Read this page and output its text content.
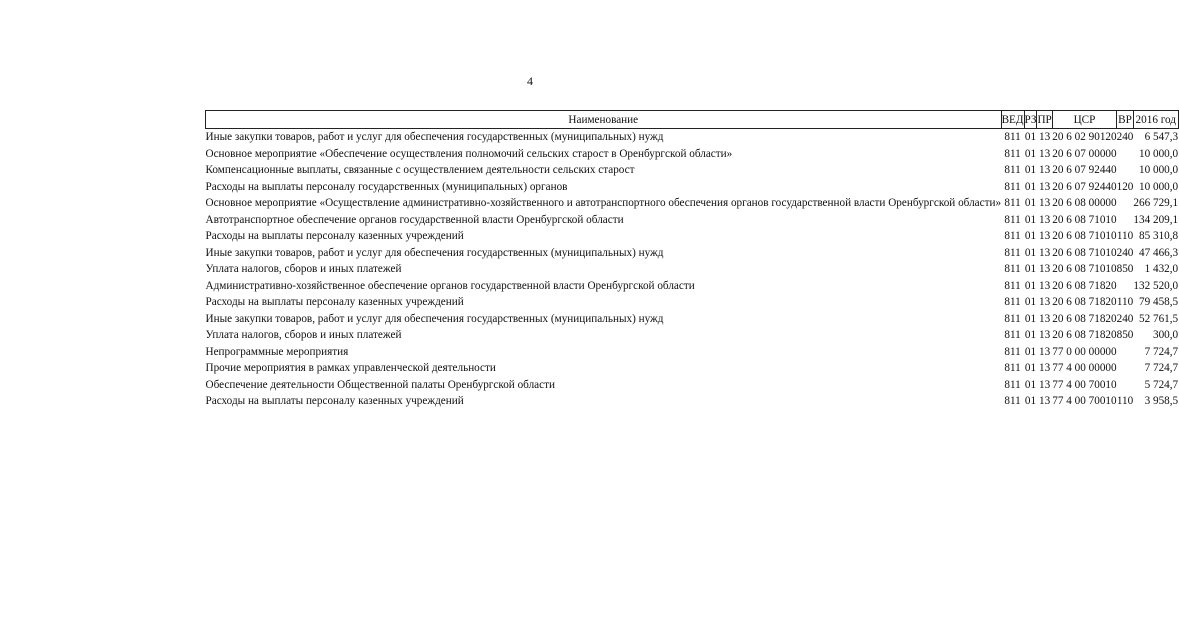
4
Наименование	ВЕД	РЗ	ПР	ЦСР	ВР	2016 год
Иные закупки товаров, работ и услуг для обеспечения государственных (муниципальных) нужд	811	01	13	20 6 02 90120	240	6 547,3
Основное мероприятие «Обеспечение осуществления полномочий сельских старост в Оренбургской области»	811	01	13	20 6 07 00000		10 000,0
Компенсационные выплаты, связанные с осуществлением деятельности сельских старост	811	01	13	20 6 07 92440		10 000,0
Расходы на выплаты персоналу государственных (муниципальных) органов	811	01	13	20 6 07 92440	120	10 000,0
Основное мероприятие «Осуществление административно-хозяйственного и автотранспортного обеспечения органов государственной власти Оренбургской области»	811	01	13	20 6 08 00000		266 729,1
Автотранспортное обеспечение органов государственной власти Оренбургской области	811	01	13	20 6 08 71010		134 209,1
Расходы на выплаты персоналу казенных учреждений	811	01	13	20 6 08 71010	110	85 310,8
Иные закупки товаров, работ и услуг для обеспечения государственных (муниципальных) нужд	811	01	13	20 6 08 71010	240	47 466,3
Уплата налогов, сборов и иных платежей	811	01	13	20 6 08 71010	850	1 432,0
Административно-хозяйственное обеспечение органов государственной власти Оренбургской области	811	01	13	20 6 08 71820		132 520,0
Расходы на выплаты персоналу казенных учреждений	811	01	13	20 6 08 71820	110	79 458,5
Иные закупки товаров, работ и услуг для обеспечения государственных (муниципальных) нужд	811	01	13	20 6 08 71820	240	52 761,5
Уплата налогов, сборов и иных платежей	811	01	13	20 6 08 71820	850	300,0
Непрограммные мероприятия	811	01	13	77 0 00 00000		7 724,7
Прочие мероприятия в рамках управленческой деятельности	811	01	13	77 4 00 00000		7 724,7
Обеспечение деятельности Общественной палаты Оренбургской области	811	01	13	77 4 00 70010		5 724,7
Расходы на выплаты персоналу казенных учреждений	811	01	13	77 4 00 70010	110	3 958,5
